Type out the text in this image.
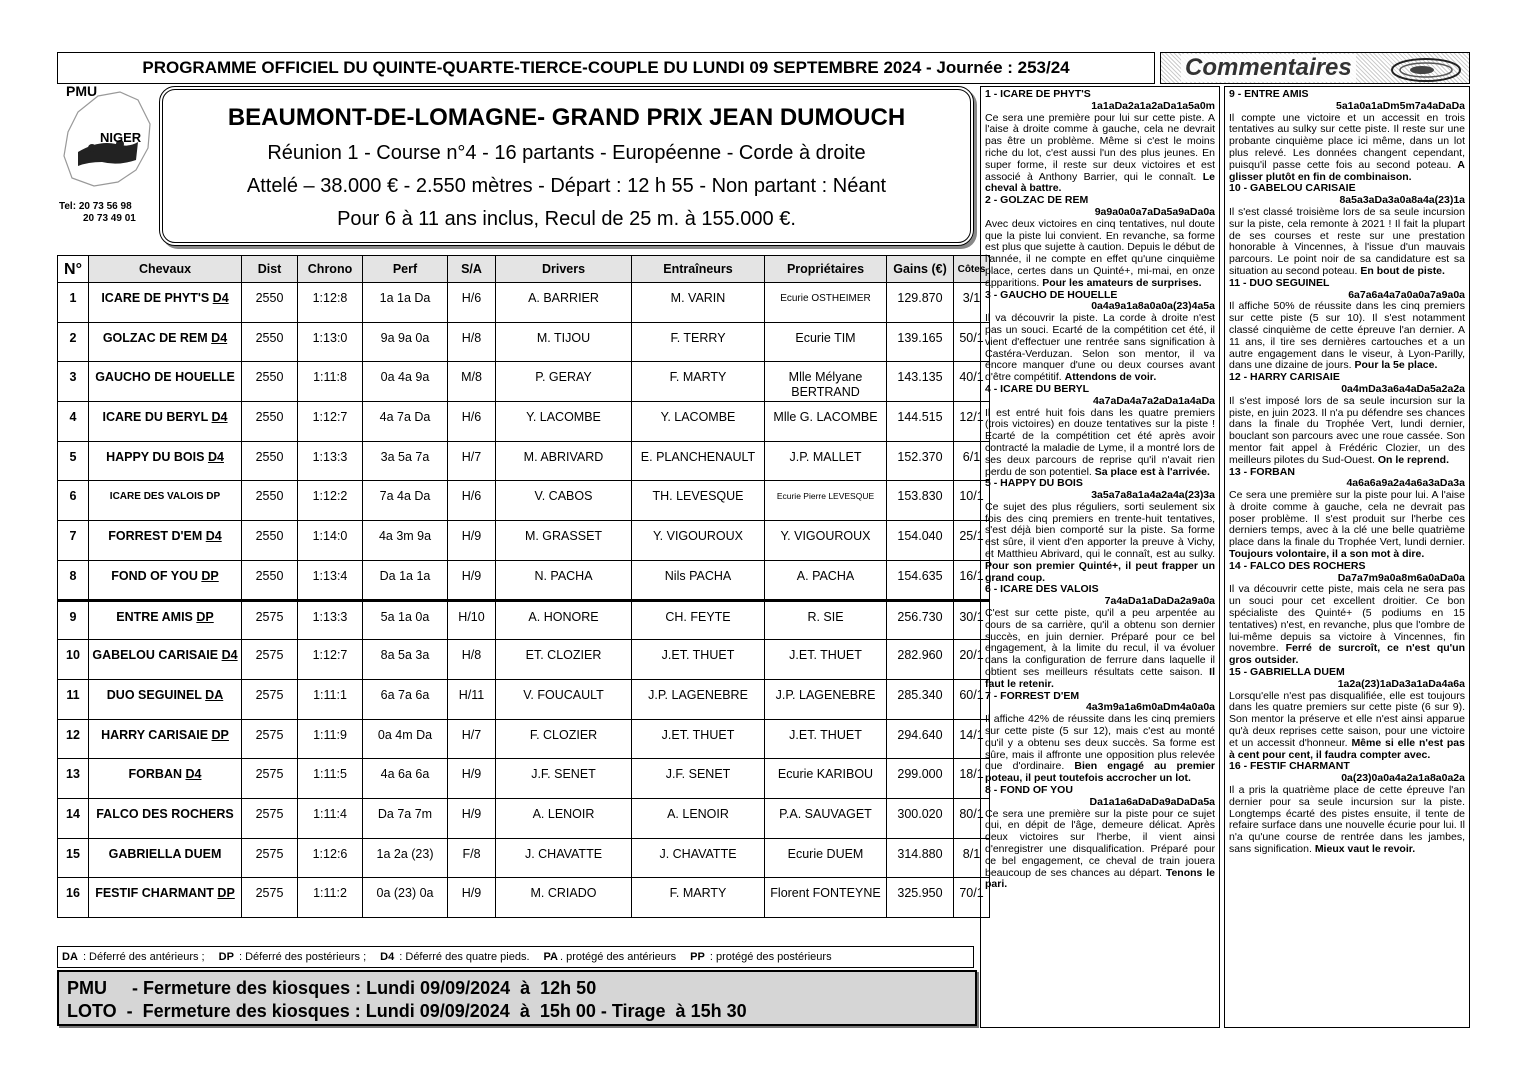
PROGRAMME OFFICIEL DU QUINTE-QUARTE-TIERCE-COUPLE DU LUNDI 09 SEPTEMBRE 2024 - Journée : 253/24	Commentaires
PMU
NIGER
Tel: 20 73 56 98
20 73 49 01
BEAUMONT-DE-LOMAGNE- GRAND PRIX JEAN DUMOUCH
Réunion 1 - Course n°4 - 16 partants - Européenne - Corde à droite
Attelé – 38.000 € - 2.550 mètres - Départ : 12 h 55 - Non partant : Néant
Pour 6 à 11 ans inclus, Recul de 25 m. à 155.000 €.
N°	Chevaux	Dist	Chrono	Perf	S/A	Drivers	Entraîneurs	Propriétaires	Gains (€)	Côtes
1	ICARE DE PHYT'S D4	2550	1:12:8	1a 1a Da	H/6	A. BARRIER	M. VARIN	Ecurie OSTHEIMER	129.870	3/1
2	GOLZAC DE REM D4	2550	1:13:0	9a 9a 0a	H/8	M. TIJOU	F. TERRY	Ecurie TIM	139.165	50/1
3	GAUCHO DE HOUELLE	2550	1:11:8	0a 4a 9a	M/8	P. GERAY	F. MARTY	Mlle Mélyane BERTRAND	143.135	40/1
4	ICARE DU BERYL D4	2550	1:12:7	4a 7a Da	H/6	Y. LACOMBE	Y. LACOMBE	Mlle G. LACOMBE	144.515	12/1
5	HAPPY DU BOIS D4	2550	1:13:3	3a 5a 7a	H/7	M. ABRIVARD	E. PLANCHENAULT	J.P. MALLET	152.370	6/1
6	ICARE DES VALOIS DP	2550	1:12:2	7a 4a Da	H/6	V. CABOS	TH. LEVESQUE	Ecurie Pierre LEVESQUE	153.830	10/1
7	FORREST D'EM D4	2550	1:14:0	4a 3m 9a	H/9	M. GRASSET	Y. VIGOUROUX	Y. VIGOUROUX	154.040	25/1
8	FOND OF YOU DP	2550	1:13:4	Da 1a 1a	H/9	N. PACHA	Nils PACHA	A. PACHA	154.635	16/1
9	ENTRE AMIS DP	2575	1:13:3	5a 1a 0a	H/10	A. HONORE	CH. FEYTE	R. SIE	256.730	30/1
10	GABELOU CARISAIE D4	2575	1:12:7	8a 5a 3a	H/8	ET. CLOZIER	J.ET. THUET	J.ET. THUET	282.960	20/1
11	DUO SEGUINEL DA	2575	1:11:1	6a 7a 6a	H/11	V. FOUCAULT	J.P. LAGENEBRE	J.P. LAGENEBRE	285.340	60/1
12	HARRY CARISAIE DP	2575	1:11:9	0a 4m Da	H/7	F. CLOZIER	J.ET. THUET	J.ET. THUET	294.640	14/1
13	FORBAN D4	2575	1:11:5	4a 6a 6a	H/9	J.F. SENET	J.F. SENET	Ecurie KARIBOU	299.000	18/1
14	FALCO DES ROCHERS	2575	1:11:4	Da 7a 7m	H/9	A. LENOIR	A. LENOIR	P.A. SAUVAGET	300.020	80/1
15	GABRIELLA DUEM	2575	1:12:6	1a 2a (23)	F/8	J. CHAVATTE	J. CHAVATTE	Ecurie DUEM	314.880	8/1
16	FESTIF CHARMANT DP	2575	1:11:2	0a (23) 0a	H/9	M. CRIADO	F. MARTY	Florent FONTEYNE	325.950	70/1
DA : Déferré des antérieurs ; DP : Déferré des postérieurs ; D4 : Déferré des quatre pieds. PA . protégé des antérieurs PP : protégé des postérieurs
PMU     - Fermeture des kiosques : Lundi 09/09/2024  à  12h 50
LOTO  -  Fermeture des kiosques : Lundi 09/09/2024  à  15h 00 - Tirage  à 15h 30
1 - ICARE DE PHYT'S
1a1aDa2a1a2aDa1a5a0m
Ce sera une première pour lui sur cette piste. A l'aise à droite comme à gauche, cela ne devrait pas être un problème. Même si c'est le moins riche du lot, c'est aussi l'un des plus jeunes. En super forme, il reste sur deux victoires et est associé à Anthony Barrier, qui le connaît. Le cheval à battre.
2 - GOLZAC DE REM
9a9a0a0a7aDa5a9aDa0a
Avec deux victoires en cinq tentatives, nul doute que la piste lui convient. En revanche, sa forme est plus que sujette à caution. Depuis le début de l'année, il ne compte en effet qu'une cinquième place, certes dans un Quinté+, mi-mai, en onze apparitions. Pour les amateurs de surprises.
3 - GAUCHO DE HOUELLE
0a4a9a1a8a0a0a(23)4a5a
Il va découvrir la piste. La corde à droite n'est pas un souci. Ecarté de la compétition cet été, il vient d'effectuer une rentrée sans signification à Castéra-Verduzan. Selon son mentor, il va encore manquer d'une ou deux courses avant d'être compétitif. Attendons de voir.
4 - ICARE DU BERYL
4a7aDa4a7a2aDa1a4aDa
Il est entré huit fois dans les quatre premiers (trois victoires) en douze tentatives sur la piste ! Ecarté de la compétition cet été après avoir contracté la maladie de Lyme, il a montré lors de ses deux parcours de reprise qu'il n'avait rien perdu de son potentiel. Sa place est à l'arrivée.
5 - HAPPY DU BOIS
3a5a7a8a1a4a2a4a(23)3a
Ce sujet des plus réguliers, sorti seulement six fois des cinq premiers en trente-huit tentatives, s'est déjà bien comporté sur la piste. Sa forme est sûre, il vient d'en apporter la preuve à Vichy, et Matthieu Abrivard, qui le connaît, est au sulky. Pour son premier Quinté+, il peut frapper un grand coup.
6 - ICARE DES VALOIS
7a4aDa1aDaDa2a9a0a
C'est sur cette piste, qu'il a peu arpentée au cours de sa carrière, qu'il a obtenu son dernier succès, en juin dernier. Préparé pour ce bel engagement, à la limite du recul, il va évoluer dans la configuration de ferrure dans laquelle il obtient ses meilleurs résultats cette saison. Il faut le retenir.
7 - FORREST D'EM
4a3m9a1a6m0aDm4a0a0a
Il affiche 42% de réussite dans les cinq premiers sur cette piste (5 sur 12), mais c'est au monté qu'il y a obtenu ses deux succès. Sa forme est sûre, mais il affronte une opposition plus relevée que d'ordinaire. Bien engagé au premier poteau, il peut toutefois accrocher un lot.
8 - FOND OF YOU
Da1a1a6aDaDa9aDaDa5a
Ce sera une première sur la piste pour ce sujet qui, en dépit de l'âge, demeure délicat. Après deux victoires sur l'herbe, il vient ainsi d'enregistrer une disqualification. Préparé pour ce bel engagement, ce cheval de train jouera beaucoup de ses chances au départ. Tenons le pari.
9 - ENTRE AMIS
5a1a0a1aDm5m7a4aDaDa
Il compte une victoire et un accessit en trois tentatives au sulky sur cette piste. Il reste sur une probante cinquième place ici même, dans un lot plus relevé. Les données changent cependant, puisqu'il passe cette fois au second poteau. A glisser plutôt en fin de combinaison.
10 - GABELOU CARISAIE
8a5a3aDa3a0a8a4a(23)1a
Il s'est classé troisième lors de sa seule incursion sur la piste, cela remonte à 2021 ! Il fait la plupart de ses courses et reste sur une prestation honorable à Vincennes, à l'issue d'un mauvais parcours. Le point noir de sa candidature est sa situation au second poteau. En bout de piste.
11 - DUO SEGUINEL
6a7a6a4a7a0a0a7a9a0a
Il affiche 50% de réussite dans les cinq premiers sur cette piste (5 sur 10). Il s'est notamment classé cinquième de cette épreuve l'an dernier. A 11 ans, il tire ses dernières cartouches et a un autre engagement dans le viseur, à Lyon-Parilly, dans une dizaine de jours. Pour la 5e place.
12 - HARRY CARISAIE
0a4mDa3a6a4aDa5a2a2a
Il s'est imposé lors de sa seule incursion sur la piste, en juin 2023. Il n'a pu défendre ses chances dans la finale du Trophée Vert, lundi dernier, bouclant son parcours avec une roue cassée. Son mentor fait appel à Frédéric Clozier, un des meilleurs pilotes du Sud-Ouest. On le reprend.
13 - FORBAN
4a6a6a9a2a4a6a3aDa3a
Ce sera une première sur la piste pour lui. A l'aise à droite comme à gauche, cela ne devrait pas poser problème. Il s'est produit sur l'herbe ces derniers temps, avec à la clé une belle quatrième place dans la finale du Trophée Vert, lundi dernier. Toujours volontaire, il a son mot à dire.
14 - FALCO DES ROCHERS
Da7a7m9a0a8m6a0aDa0a
Il va découvrir cette piste, mais cela ne sera pas un souci pour cet excellent droitier. Ce bon spécialiste des Quinté+ (5 podiums en 15 tentatives) n'est, en revanche, plus que l'ombre de lui-même depuis sa victoire à Vincennes, fin novembre. Ferré de surcroît, ce n'est qu'un gros outsider.
15 - GABRIELLA DUEM
1a2a(23)1aDa3a1aDa4a6a
Lorsqu'elle n'est pas disqualifiée, elle est toujours dans les quatre premiers sur cette piste (6 sur 9). Son mentor la préserve et elle n'est ainsi apparue qu'à deux reprises cette saison, pour une victoire et un accessit d'honneur. Même si elle n'est pas à cent pour cent, il faudra compter avec.
16 - FESTIF CHARMANT
0a(23)0a0a4a2a1a8a0a2a
Il a pris la quatrième place de cette épreuve l'an dernier pour sa seule incursion sur la piste. Longtemps écarté des pistes ensuite, il tente de refaire surface dans une nouvelle écurie pour lui. Il n'a qu'une course de rentrée dans les jambes, sans signification. Mieux vaut le revoir.
